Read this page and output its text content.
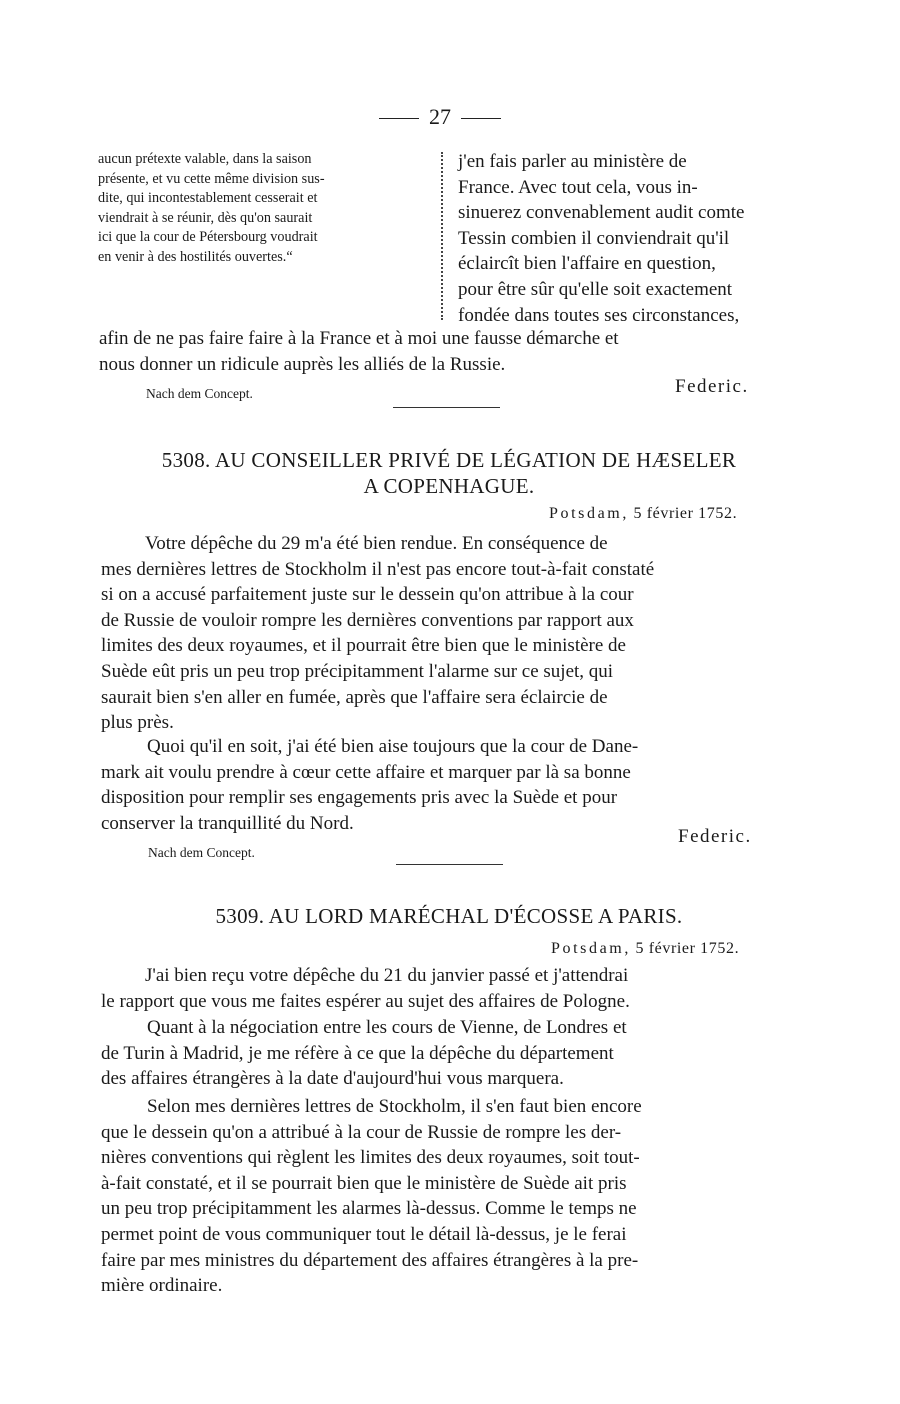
27
aucun prétexte valable, dans la saison
présente, et vu cette même division sus-
dite, qui incontestablement cesserait et
viendrait à se réunir, dès qu'on saurait
ici que la cour de Pétersbourg voudrait
en venir à des hostilités ouvertes.“
j'en fais parler au ministère de
France. Avec tout cela, vous in-
sinuerez convenablement audit comte
Tessin combien il conviendrait qu'il
éclaircît bien l'affaire en question,
pour être sûr qu'elle soit exactement
fondée dans toutes ses circonstances,
afin de ne pas faire faire à la France et à moi une fausse démarche et
nous donner un ridicule auprès les alliés de la Russie.
Nach dem Concept.	Federic.
5308. AU CONSEILLER PRIVÉ DE LÉGATION DE HÆSELER
A COPENHAGUE.
Potsdam, 5 février 1752.
Votre dépêche du 29 m'a été bien rendue. En conséquence de
mes dernières lettres de Stockholm il n'est pas encore tout-à-fait constaté
si on a accusé parfaitement juste sur le dessein qu'on attribue à la cour
de Russie de vouloir rompre les dernières conventions par rapport aux
limites des deux royaumes, et il pourrait être bien que le ministère de
Suède eût pris un peu trop précipitamment l'alarme sur ce sujet, qui
saurait bien s'en aller en fumée, après que l'affaire sera éclaircie de
plus près.
Quoi qu'il en soit, j'ai été bien aise toujours que la cour de Dane-
mark ait voulu prendre à cœur cette affaire et marquer par là sa bonne
disposition pour remplir ses engagements pris avec la Suède et pour
conserver la tranquillité du Nord.
Nach dem Concept.
Federic.
5309. AU LORD MARÉCHAL D'ÉCOSSE A PARIS.
Potsdam, 5 février 1752.
J'ai bien reçu votre dépêche du 21 du janvier passé et j'attendrai
le rapport que vous me faites espérer au sujet des affaires de Pologne.
Quant à la négociation entre les cours de Vienne, de Londres et
de Turin à Madrid, je me réfère à ce que la dépêche du département
des affaires étrangères à la date d'aujourd'hui vous marquera.
Selon mes dernières lettres de Stockholm, il s'en faut bien encore
que le dessein qu'on a attribué à la cour de Russie de rompre les der-
nières conventions qui règlent les limites des deux royaumes, soit tout-
à-fait constaté, et il se pourrait bien que le ministère de Suède ait pris
un peu trop précipitamment les alarmes là-dessus. Comme le temps ne
permet point de vous communiquer tout le détail là-dessus, je le ferai
faire par mes ministres du département des affaires étrangères à la pre-
mière ordinaire.
